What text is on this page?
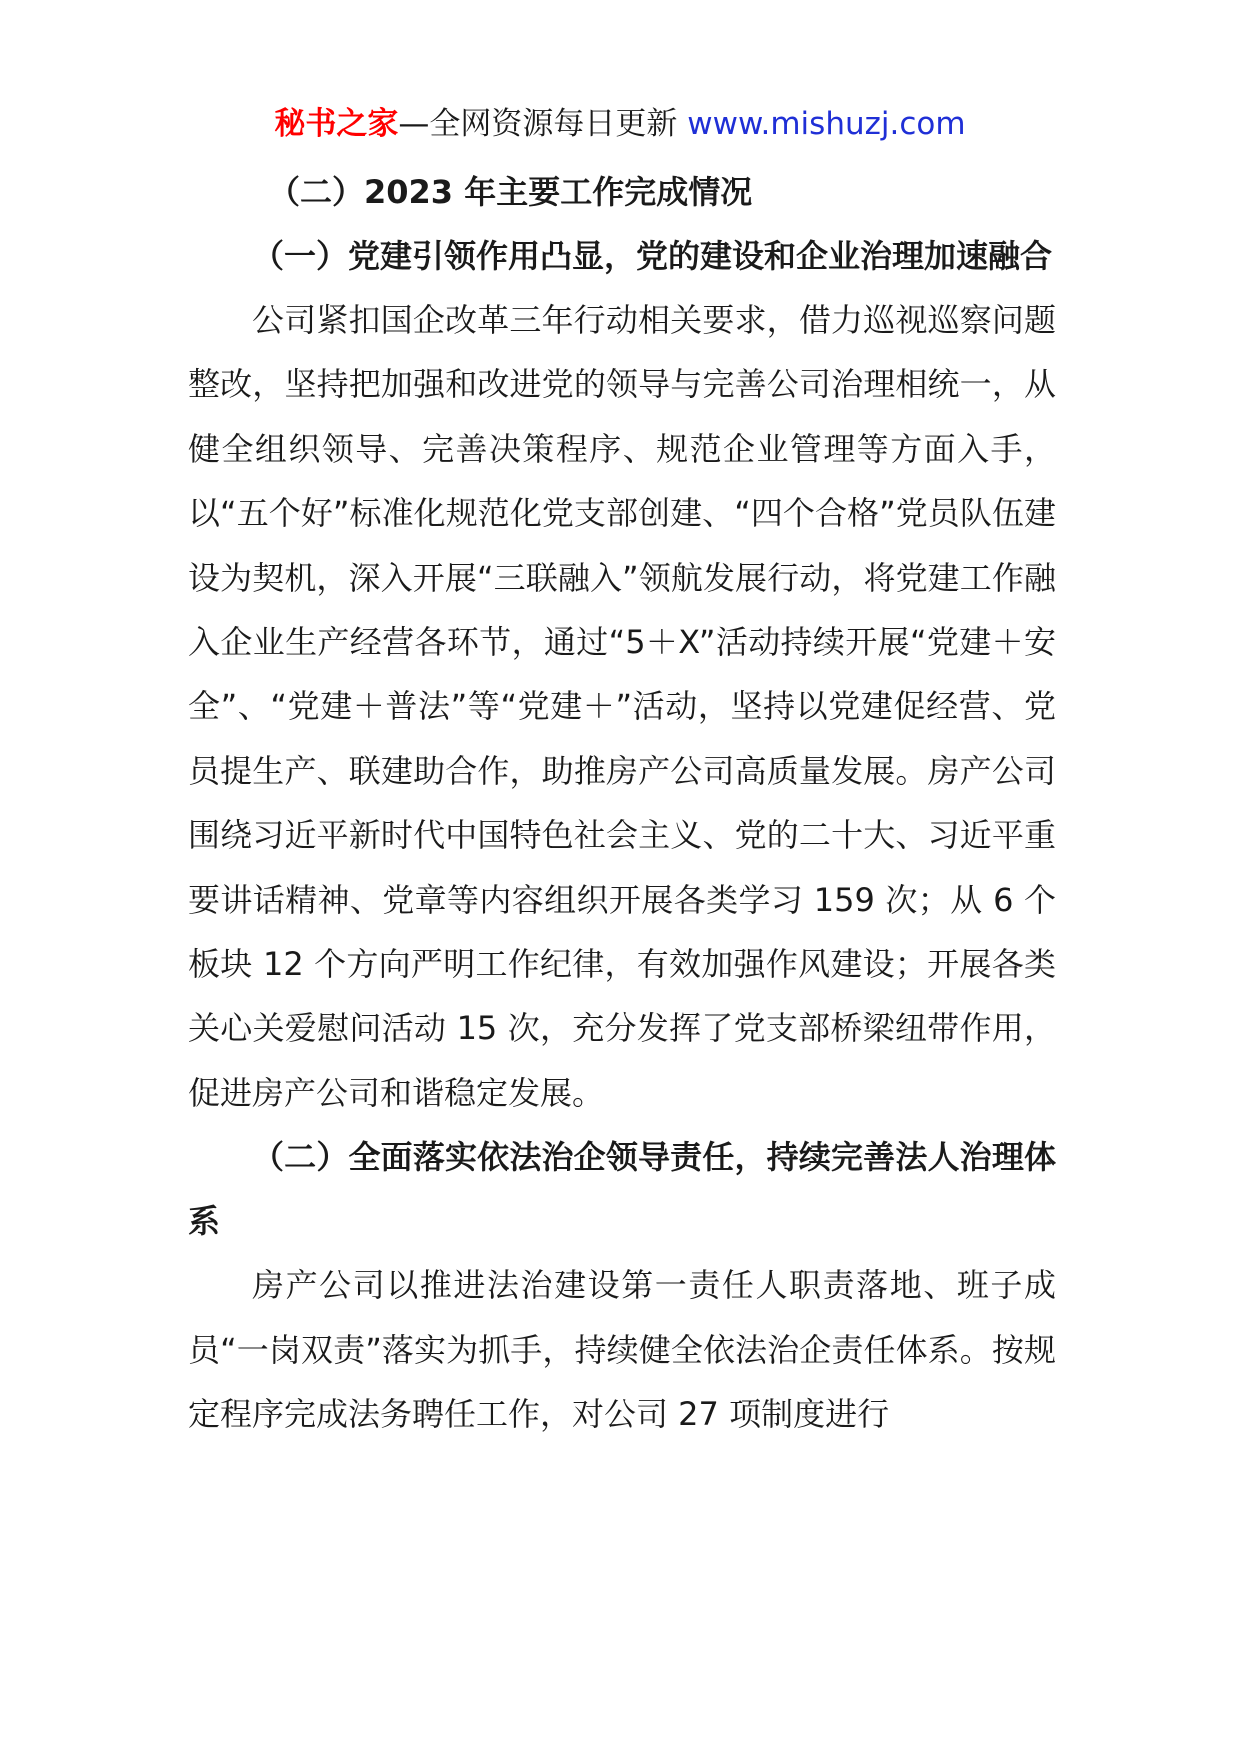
秘书之家—全网资源每日更新 www.mishuzj.com

（二）2023 年主要工作完成情况

（一）党建引领作用凸显，党的建设和企业治理加速融合

公司紧扣国企改革三年行动相关要求，借力巡视巡察问题整改，坚持把加强和改进党的领导与完善公司治理相统一，从健全组织领导、完善决策程序、规范企业管理等方面入手，以“五个好”标准化规范化党支部创建、“四个合格”党员队伍建设为契机，深入开展“三联融入”领航发展行动，将党建工作融入企业生产经营各环节，通过“5＋X”活动持续开展“党建＋安全”、“党建＋普法”等“党建＋”活动，坚持以党建促经营、党员提生产、联建助合作，助推房产公司高质量发展。房产公司围绕习近平新时代中国特色社会主义、党的二十大、习近平重要讲话精神、党章等内容组织开展各类学习 159 次；从 6 个板块 12 个方向严明工作纪律，有效加强作风建设；开展各类关心关爱慰问活动 15 次，充分发挥了党支部桥梁纽带作用，促进房产公司和谐稳定发展。

（二）全面落实依法治企领导责任，持续完善法人治理体系

房产公司以推进法治建设第一责任人职责落地、班子成员“一岗双责”落实为抓手，持续健全依法治企责任体系。按规定程序完成法务聘任工作，对公司 27 项制度进行
